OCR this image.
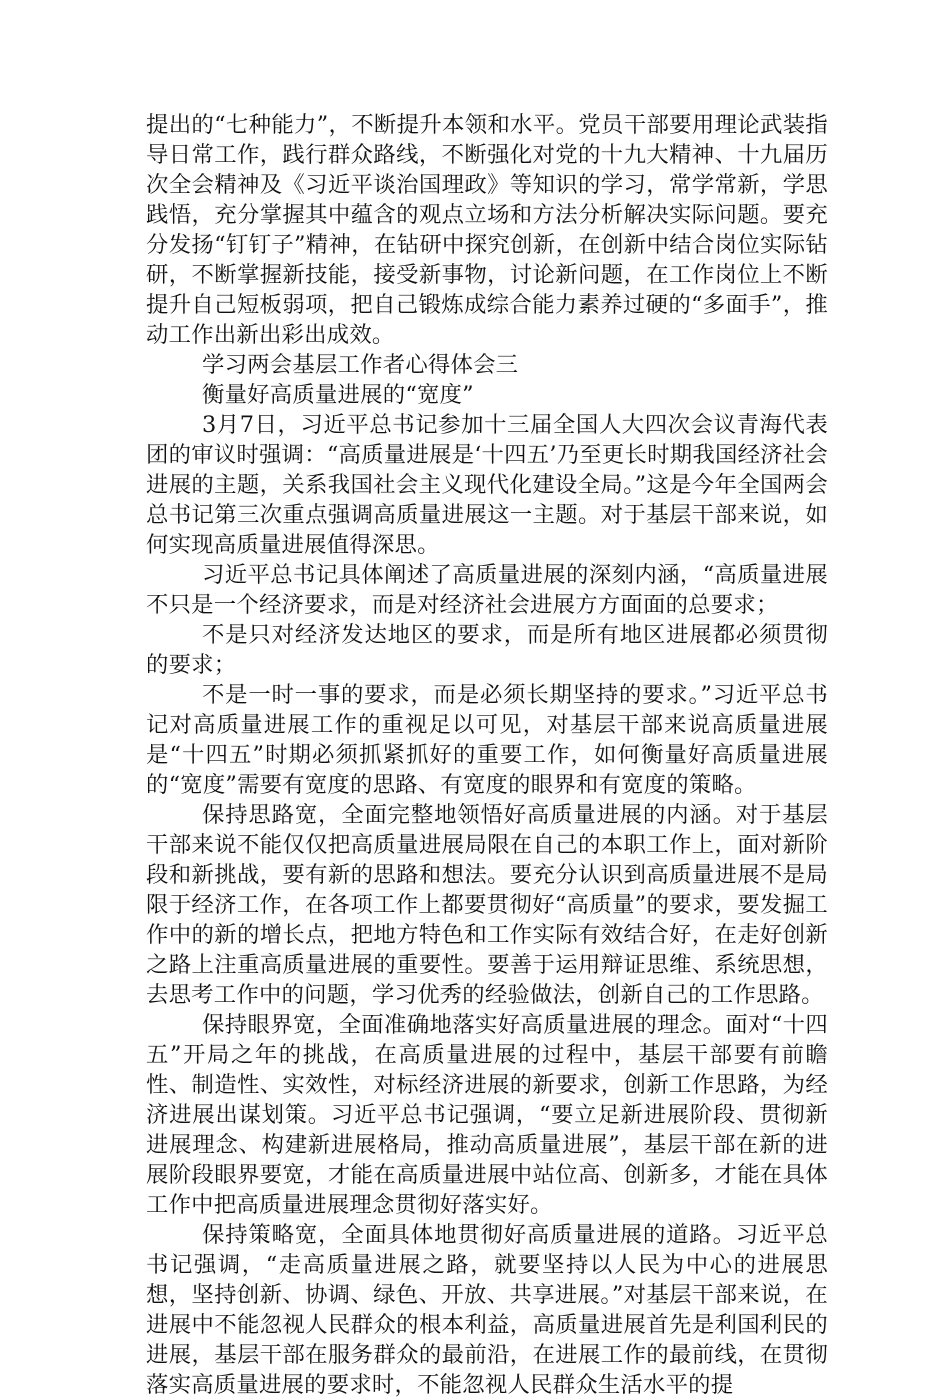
提出的“七种能力”，不断提升本领和水平。党员干部要用理论武装指导日常工作，践行群众路线，不断强化对党的十九大精神、十九届历次全会精神及《习近平谈治国理政》等知识的学习，常学常新，学思践悟，充分掌握其中蕴含的观点立场和方法分析解决实际问题。要充分发扬“钉钉子”精神，在钻研中探究创新，在创新中结合岗位实际钻研，不断掌握新技能，接受新事物，讨论新问题，在工作岗位上不断提升自己短板弱项，把自己锻炼成综合能力素养过硬的“多面手”，推动工作出新出彩出成效。

学习两会基层工作者心得体会三

衡量好高质量进展的“宽度”

3月7日，习近平总书记参加十三届全国人大四次会议青海代表团的审议时强调：“高质量进展是‘十四五’乃至更长时期我国经济社会进展的主题，关系我国社会主义现代化建设全局。”这是今年全国两会总书记第三次重点强调高质量进展这一主题。对于基层干部来说，如何实现高质量进展值得深思。

习近平总书记具体阐述了高质量进展的深刻内涵，“高质量进展不只是一个经济要求，而是对经济社会进展方方面面的总要求；

不是只对经济发达地区的要求，而是所有地区进展都必须贯彻的要求；

不是一时一事的要求，而是必须长期坚持的要求。”习近平总书记对高质量进展工作的重视足以可见，对基层干部来说高质量进展是“十四五”时期必须抓紧抓好的重要工作，如何衡量好高质量进展的“宽度”需要有宽度的思路、有宽度的眼界和有宽度的策略。

保持思路宽，全面完整地领悟好高质量进展的内涵。对于基层干部来说不能仅仅把高质量进展局限在自己的本职工作上，面对新阶段和新挑战，要有新的思路和想法。要充分认识到高质量进展不是局限于经济工作，在各项工作上都要贯彻好“高质量”的要求，要发掘工作中的新的增长点，把地方特色和工作实际有效结合好，在走好创新之路上注重高质量进展的重要性。要善于运用辩证思维、系统思想，去思考工作中的问题，学习优秀的经验做法，创新自己的工作思路。

保持眼界宽，全面准确地落实好高质量进展的理念。面对“十四五”开局之年的挑战，在高质量进展的过程中，基层干部要有前瞻性、制造性、实效性，对标经济进展的新要求，创新工作思路，为经济进展出谋划策。习近平总书记强调，“要立足新进展阶段、贯彻新进展理念、构建新进展格局，推动高质量进展”，基层干部在新的进展阶段眼界要宽，才能在高质量进展中站位高、创新多，才能在具体工作中把高质量进展理念贯彻好落实好。

保持策略宽，全面具体地贯彻好高质量进展的道路。习近平总书记强调，“走高质量进展之路，就要坚持以人民为中心的进展思想，坚持创新、协调、绿色、开放、共享进展。”对基层干部来说，在进展中不能忽视人民群众的根本利益，高质量进展首先是利国利民的进展，基层干部在服务群众的最前沿，在进展工作的最前线，在贯彻落实高质量进展的要求时，不能忽视人民群众生活水平的提
